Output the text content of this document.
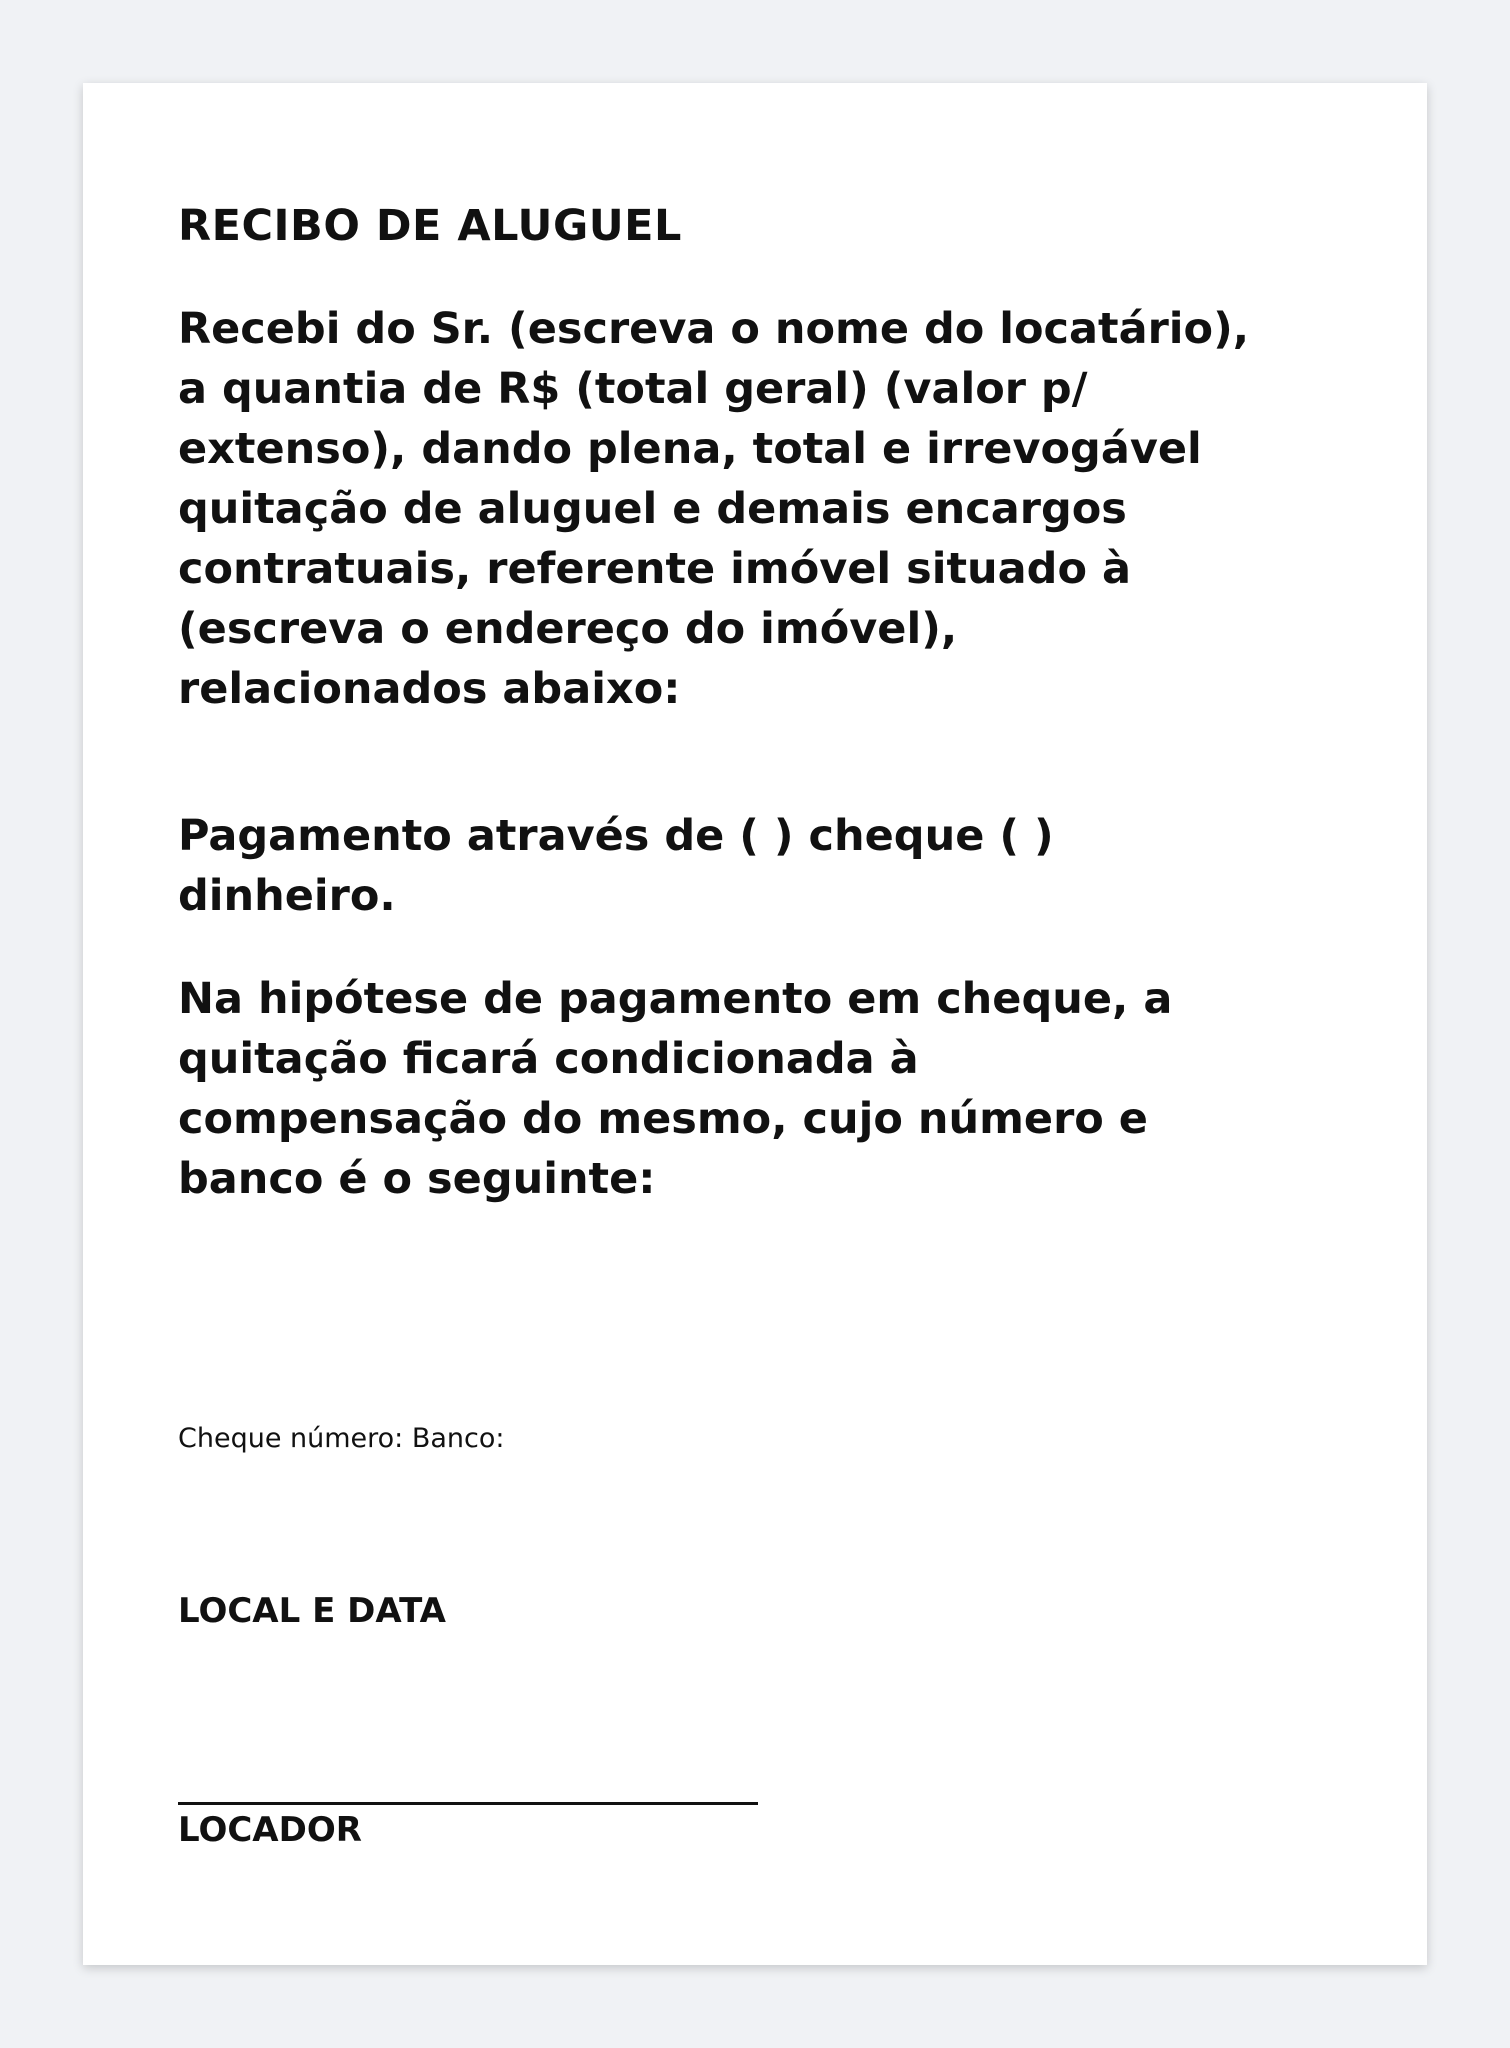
RECIBO DE ALUGUEL

Recebi do Sr. (escreva o nome do locatário),
a quantia de R$ (total geral) (valor p/
extenso), dando plena, total e irrevogável
quitação de aluguel e demais encargos
contratuais, referente imóvel situado à
(escreva o endereço do imóvel),
relacionados abaixo:

Pagamento através de ( ) cheque ( )
dinheiro.

Na hipótese de pagamento em cheque, a
quitação ficará condicionada à
compensação do mesmo, cujo número e
banco é o seguinte:

Cheque número: Banco:

LOCAL E DATA

LOCADOR
